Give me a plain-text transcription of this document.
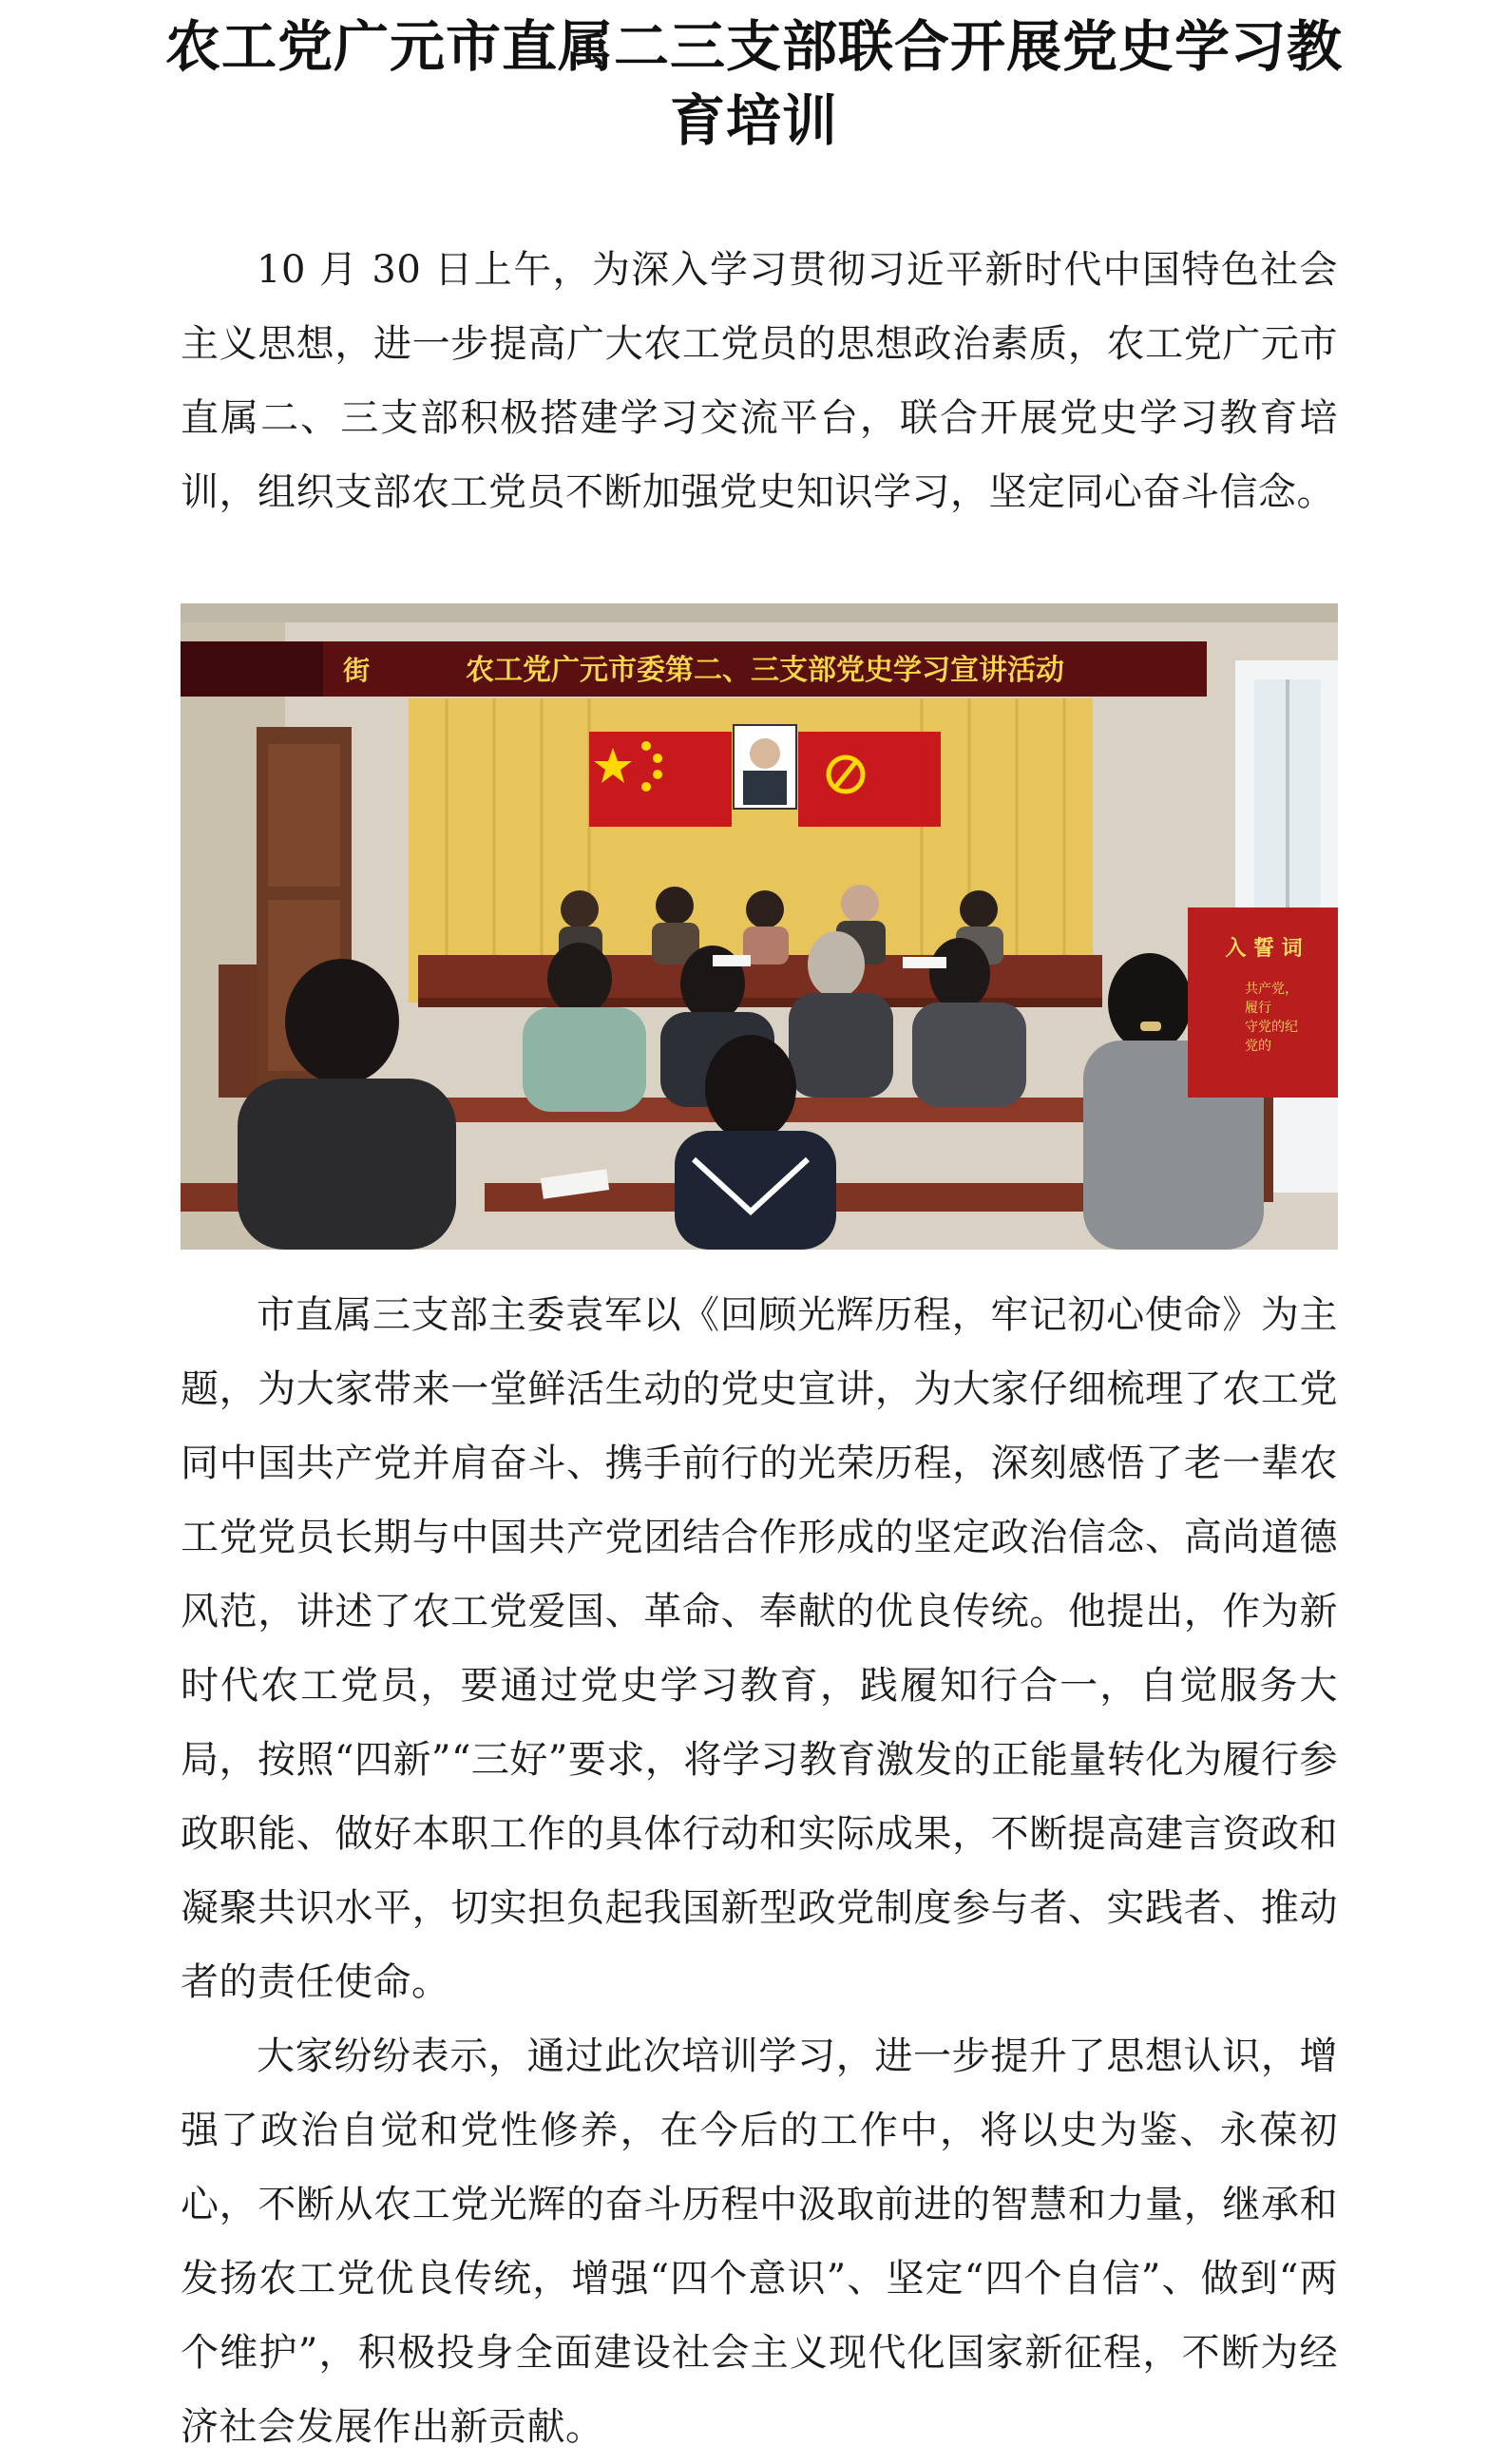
农工党广元市直属二三支部联合开展党史学习教育培训

10 月 30 日上午，为深入学习贯彻习近平新时代中国特色社会主义思想，进一步提高广大农工党员的思想政治素质，农工党广元市直属二、三支部积极搭建学习交流平台，联合开展党史学习教育培训，组织支部农工党员不断加强党史知识学习，坚定同心奋斗信念。

农工党广元市委第二、三支部党史学习宣讲活动
街
入 誓 词
共产党，
履行
守党的纪
党的

市直属三支部主委袁军以《回顾光辉历程，牢记初心使命》为主题，为大家带来一堂鲜活生动的党史宣讲，为大家仔细梳理了农工党同中国共产党并肩奋斗、携手前行的光荣历程，深刻感悟了老一辈农工党党员长期与中国共产党团结合作形成的坚定政治信念、高尚道德风范，讲述了农工党爱国、革命、奉献的优良传统。他提出，作为新时代农工党员，要通过党史学习教育，践履知行合一，自觉服务大局，按照“四新”“三好”要求，将学习教育激发的正能量转化为履行参政职能、做好本职工作的具体行动和实际成果，不断提高建言资政和凝聚共识水平，切实担负起我国新型政党制度参与者、实践者、推动者的责任使命。

大家纷纷表示，通过此次培训学习，进一步提升了思想认识，增强了政治自觉和党性修养，在今后的工作中，将以史为鉴、永葆初心，不断从农工党光辉的奋斗历程中汲取前进的智慧和力量，继承和发扬农工党优良传统，增强“四个意识”、坚定“四个自信”、做到“两个维护”，积极投身全面建设社会主义现代化国家新征程，不断为经济社会发展作出新贡献。
